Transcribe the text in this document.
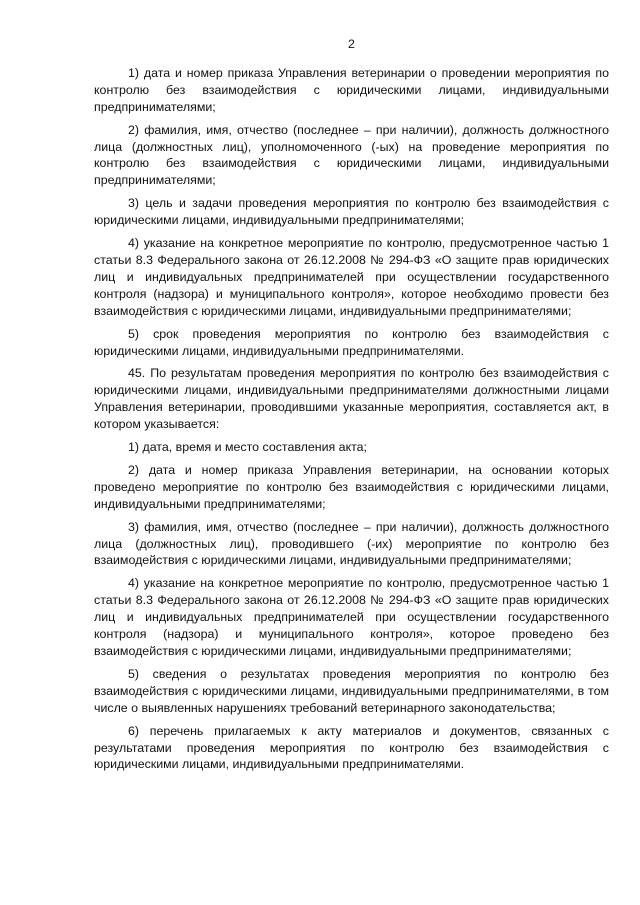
2

1) дата и номер приказа Управления ветеринарии о проведении мероприятия по контролю без взаимодействия с юридическими лицами, индивидуальными предпринимателями;

2) фамилия, имя, отчество (последнее – при наличии), должность должностного лица (должностных лиц), уполномоченного (-ых) на проведение мероприятия по контролю без взаимодействия с юридическими лицами, индивидуальными предпринимателями;

3) цель и задачи проведения мероприятия по контролю без взаимодействия с юридическими лицами, индивидуальными предпринимателями;

4) указание на конкретное мероприятие по контролю, предусмотренное частью 1 статьи 8.3 Федерального закона от 26.12.2008 № 294-ФЗ «О защите прав юридических лиц и индивидуальных предпринимателей при осуществлении государственного контроля (надзора) и муниципального контроля», которое необходимо провести без взаимодействия с юридическими лицами, индивидуальными предпринимателями;

5) срок проведения мероприятия по контролю без взаимодействия с юридическими лицами, индивидуальными предпринимателями.

45. По результатам проведения мероприятия по контролю без взаимодействия с юридическими лицами, индивидуальными предпринимателями должностными лицами Управления ветеринарии, проводившими указанные мероприятия, составляется акт, в котором указывается:

1) дата, время и место составления акта;

2) дата и номер приказа Управления ветеринарии, на основании которых проведено мероприятие по контролю без взаимодействия с юридическими лицами, индивидуальными предпринимателями;

3) фамилия, имя, отчество (последнее – при наличии), должность должностного лица (должностных лиц), проводившего (-их) мероприятие по контролю без взаимодействия с юридическими лицами, индивидуальными предпринимателями;

4) указание на конкретное мероприятие по контролю, предусмотренное частью 1 статьи 8.3 Федерального закона от 26.12.2008 № 294-ФЗ «О защите прав юридических лиц и индивидуальных предпринимателей при осуществлении государственного контроля (надзора) и муниципального контроля», которое проведено без взаимодействия с юридическими лицами, индивидуальными предпринимателями;

5) сведения о результатах проведения мероприятия по контролю без взаимодействия с юридическими лицами, индивидуальными предпринимателями, в том числе о выявленных нарушениях требований ветеринарного законодательства;

6) перечень прилагаемых к акту материалов и документов, связанных с результатами проведения мероприятия по контролю без взаимодействия с юридическими лицами, индивидуальными предпринимателями.
